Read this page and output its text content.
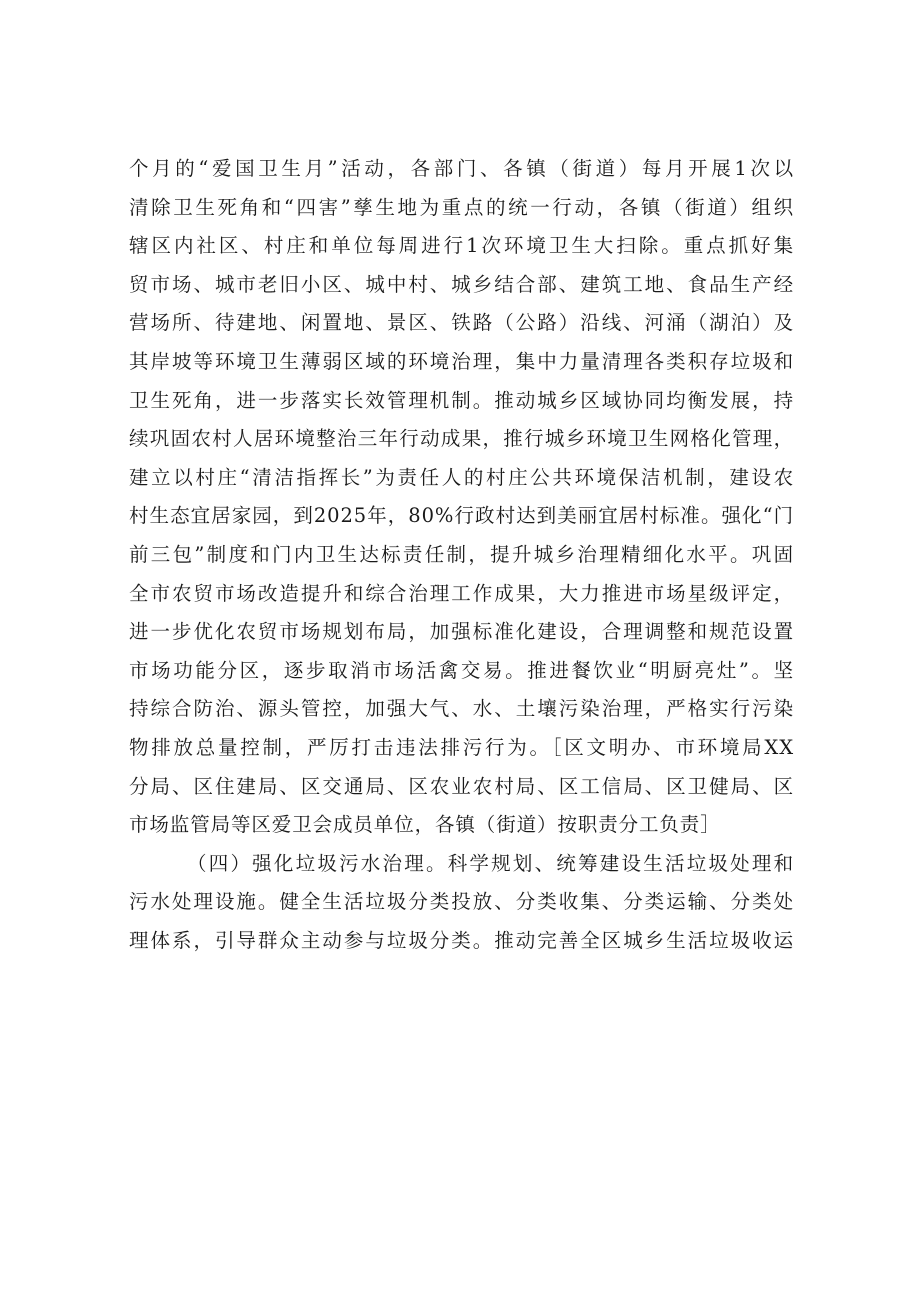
个月的“爱国卫生月”活动，各部门、各镇（街道）每月开展1次以
清除卫生死角和“四害”孳生地为重点的统一行动，各镇（街道）组织
辖区内社区、村庄和单位每周进行1次环境卫生大扫除。重点抓好集
贸市场、城市老旧小区、城中村、城乡结合部、建筑工地、食品生产经
营场所、待建地、闲置地、景区、铁路（公路）沿线、河涌（湖泊）及
其岸坡等环境卫生薄弱区域的环境治理，集中力量清理各类积存垃圾和
卫生死角，进一步落实长效管理机制。推动城乡区域协同均衡发展，持
续巩固农村人居环境整治三年行动成果，推行城乡环境卫生网格化管理，
建立以村庄“清洁指挥长”为责任人的村庄公共环境保洁机制，建设农
村生态宜居家园，到2025年，80%行政村达到美丽宜居村标准。强化“门
前三包”制度和门内卫生达标责任制，提升城乡治理精细化水平。巩固
全市农贸市场改造提升和综合治理工作成果，大力推进市场星级评定，
进一步优化农贸市场规划布局，加强标准化建设，合理调整和规范设置
市场功能分区，逐步取消市场活禽交易。推进餐饮业“明厨亮灶”。坚
持综合防治、源头管控，加强大气、水、土壤污染治理，严格实行污染
物排放总量控制，严厉打击违法排污行为。［区文明办、市环境局XX
分局、区住建局、区交通局、区农业农村局、区工信局、区卫健局、区
市场监管局等区爱卫会成员单位，各镇（街道）按职责分工负责］
（四）强化垃圾污水治理。科学规划、统筹建设生活垃圾处理和
污水处理设施。健全生活垃圾分类投放、分类收集、分类运输、分类处
理体系，引导群众主动参与垃圾分类。推动完善全区城乡生活垃圾收运
